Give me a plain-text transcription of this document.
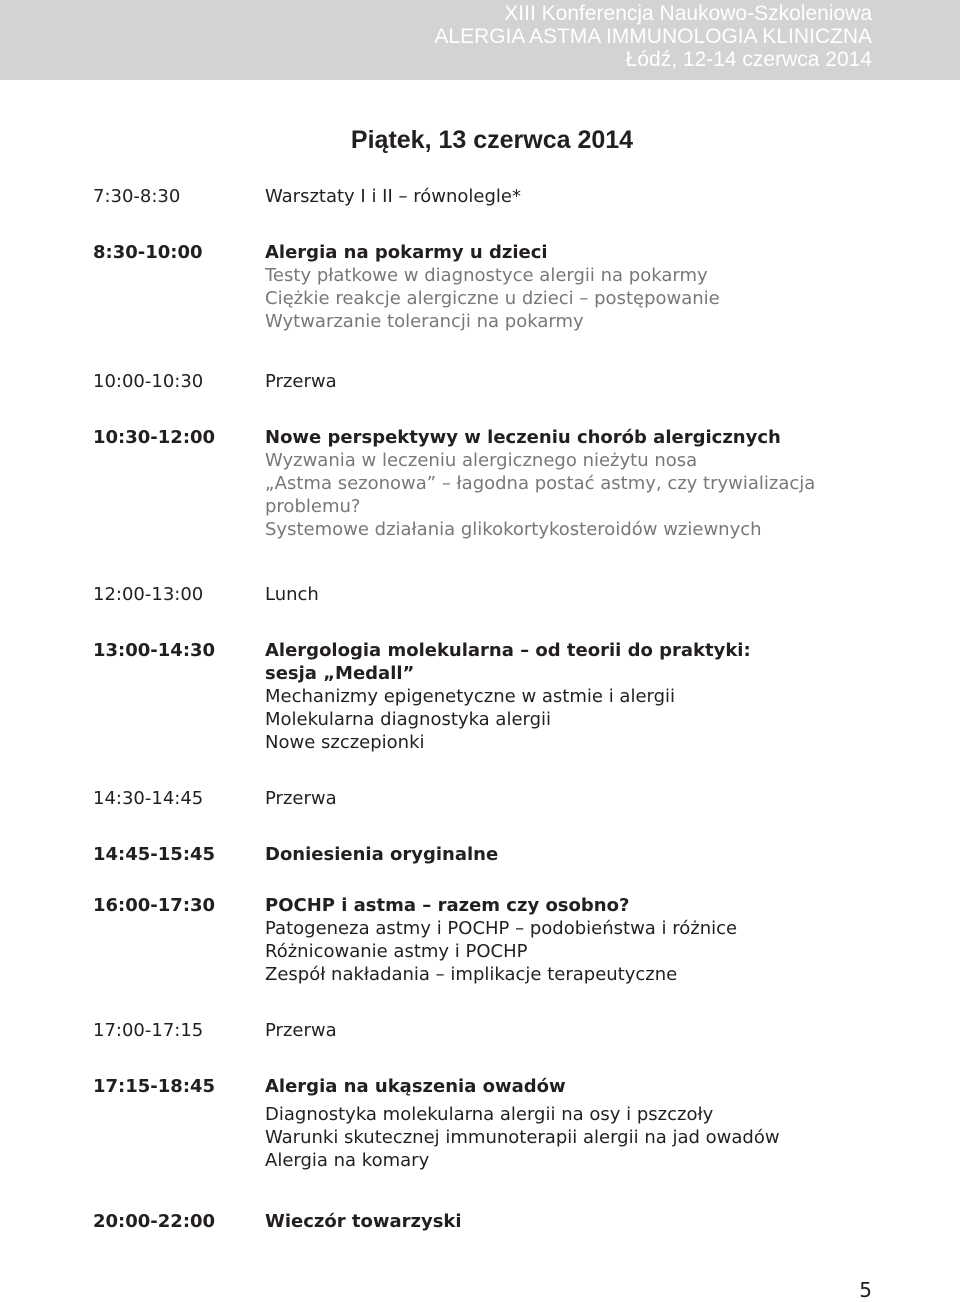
XIII Konferencja Naukowo-Szkoleniowa
ALERGIA ASTMA IMMUNOLOGIA KLINICZNA
Łódź, 12-14 czerwca 2014
Piątek, 13 czerwca 2014
7:30-8:30	Warsztaty I i II – równolegle*
8:30-10:00	Alergia na pokarmy u dzieci
Testy płatkowe w diagnostyce alergii na pokarmy
Ciężkie reakcje alergiczne u dzieci – postępowanie
Wytwarzanie tolerancji na pokarmy
10:00-10:30	Przerwa
10:30-12:00	Nowe perspektywy w leczeniu chorób alergicznych
Wyzwania w leczeniu alergicznego nieżytu nosa
„Astma sezonowa” – łagodna postać astmy, czy trywializacja problemu?
Systemowe działania glikokortykosteroidów wziewnych
12:00-13:00	Lunch
13:00-14:30	Alergologia molekularna – od teorii do praktyki: sesja „Medall”
Mechanizmy epigenetyczne w astmie i alergii
Molekularna diagnostyka alergii
Nowe szczepionki
14:30-14:45	Przerwa
14:45-15:45	Doniesienia oryginalne
16:00-17:30	POCHP i astma – razem czy osobno?
Patogeneza astmy i POCHP – podobieństwa i różnice
Różnicowanie astmy i POCHP
Zespół nakładania – implikacje terapeutyczne
17:00-17:15	Przerwa
17:15-18:45	Alergia na ukąszenia owadów
Diagnostyka molekularna alergii na osy i pszczoły
Warunki skutecznej immunoterapii alergii na jad owadów
Alergia na komary
20:00-22:00	Wieczór towarzyski
5
